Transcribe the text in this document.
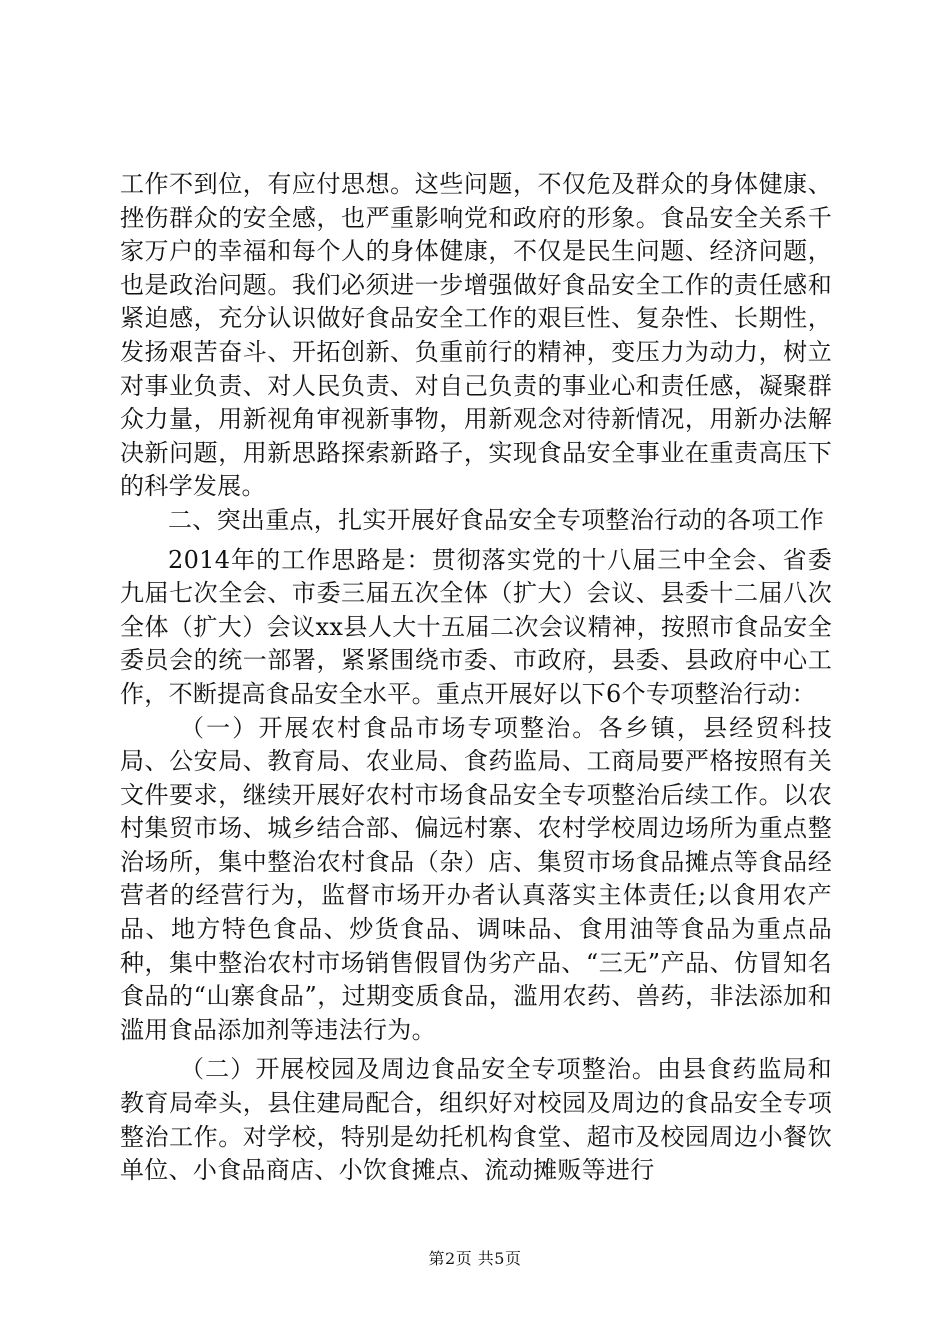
工作不到位，有应付思想。这些问题，不仅危及群众的身体健康、挫伤群众的安全感，也严重影响党和政府的形象。食品安全关系千家万户的幸福和每个人的身体健康，不仅是民生问题、经济问题，也是政治问题。我们必须进一步增强做好食品安全工作的责任感和紧迫感，充分认识做好食品安全工作的艰巨性、复杂性、长期性，发扬艰苦奋斗、开拓创新、负重前行的精神，变压力为动力，树立对事业负责、对人民负责、对自己负责的事业心和责任感，凝聚群众力量，用新视角审视新事物，用新观念对待新情况，用新办法解决新问题，用新思路探索新路子，实现食品安全事业在重责高压下的科学发展。

二、突出重点，扎实开展好食品安全专项整治行动的各项工作

2014年的工作思路是：贯彻落实党的十八届三中全会、省委九届七次全会、市委三届五次全体（扩大）会议、县委十二届八次全体（扩大）会议xx县人大十五届二次会议精神，按照市食品安全委员会的统一部署，紧紧围绕市委、市政府，县委、县政府中心工作，不断提高食品安全水平。重点开展好以下6个专项整治行动：

（一）开展农村食品市场专项整治。各乡镇，县经贸科技局、公安局、教育局、农业局、食药监局、工商局要严格按照有关文件要求，继续开展好农村市场食品安全专项整治后续工作。以农村集贸市场、城乡结合部、偏远村寨、农村学校周边场所为重点整治场所，集中整治农村食品（杂）店、集贸市场食品摊点等食品经营者的经营行为，监督市场开办者认真落实主体责任;以食用农产品、地方特色食品、炒货食品、调味品、食用油等食品为重点品种，集中整治农村市场销售假冒伪劣产品、“三无”产品、仿冒知名食品的“山寨食品”，过期变质食品，滥用农药、兽药，非法添加和滥用食品添加剂等违法行为。

（二）开展校园及周边食品安全专项整治。由县食药监局和教育局牵头，县住建局配合，组织好对校园及周边的食品安全专项整治工作。对学校，特别是幼托机构食堂、超市及校园周边小餐饮单位、小食品商店、小饮食摊点、流动摊贩等进行

第2页 共5页
